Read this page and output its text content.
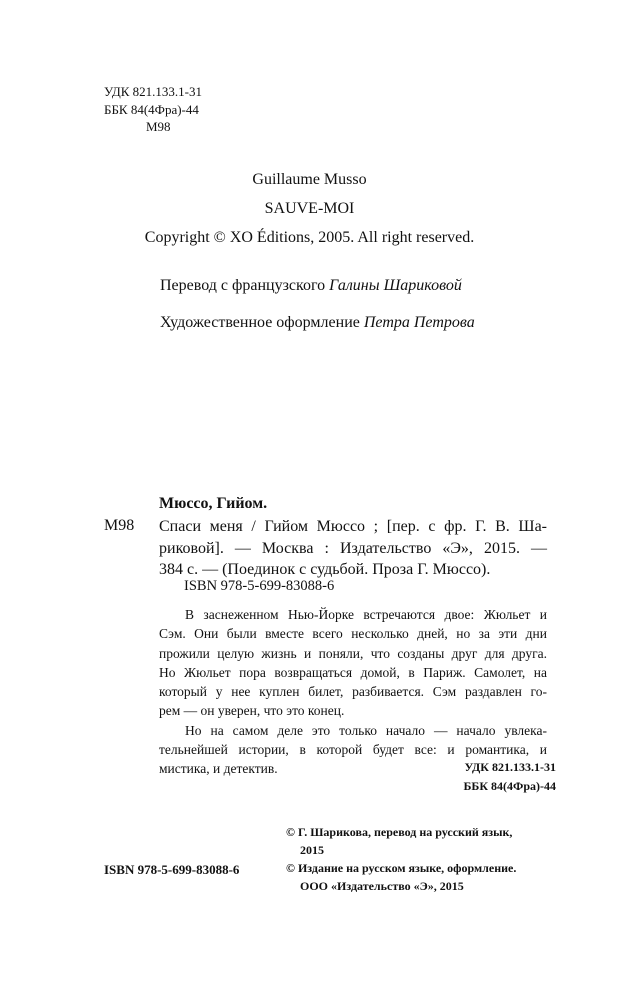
УДК 821.133.1-31
ББК 84(4Фра)-44
М98
Guillaume Musso
SAUVE-MOI
Copyright © XO Éditions, 2005. All right reserved.
Перевод с французского Галины Шариковой
Художественное оформление Петра Петрова
Мюссо, Гийом.
М98 Спаси меня / Гийом Мюссо ; [пер. с фр. Г. В. Ша-
риковой]. — Москва : Издательство «Э», 2015. —
384 с. — (Поединок с судьбой. Проза Г. Мюссо).
ISBN 978-5-699-83088-6
В заснеженном Нью-Йорке встречаются двое: Жюльет и
Сэм. Они были вместе всего несколько дней, но за эти дни
прожили целую жизнь и поняли, что созданы друг для друга.
Но Жюльет пора возвращаться домой, в Париж. Самолет, на
который у нее куплен билет, разбивается. Сэм раздавлен го-
рем — он уверен, что это конец.
Но на самом деле это только начало — начало увлека-
тельнейшей истории, в которой будет все: и романтика, и
мистика, и детектив.	УДК 821.133.1-31
ББК 84(4Фра)-44
© Г. Шарикова, перевод на русский язык,
2015
© Издание на русском языке, оформление.
ООО «Издательство «Э», 2015
ISBN 978-5-699-83088-6
